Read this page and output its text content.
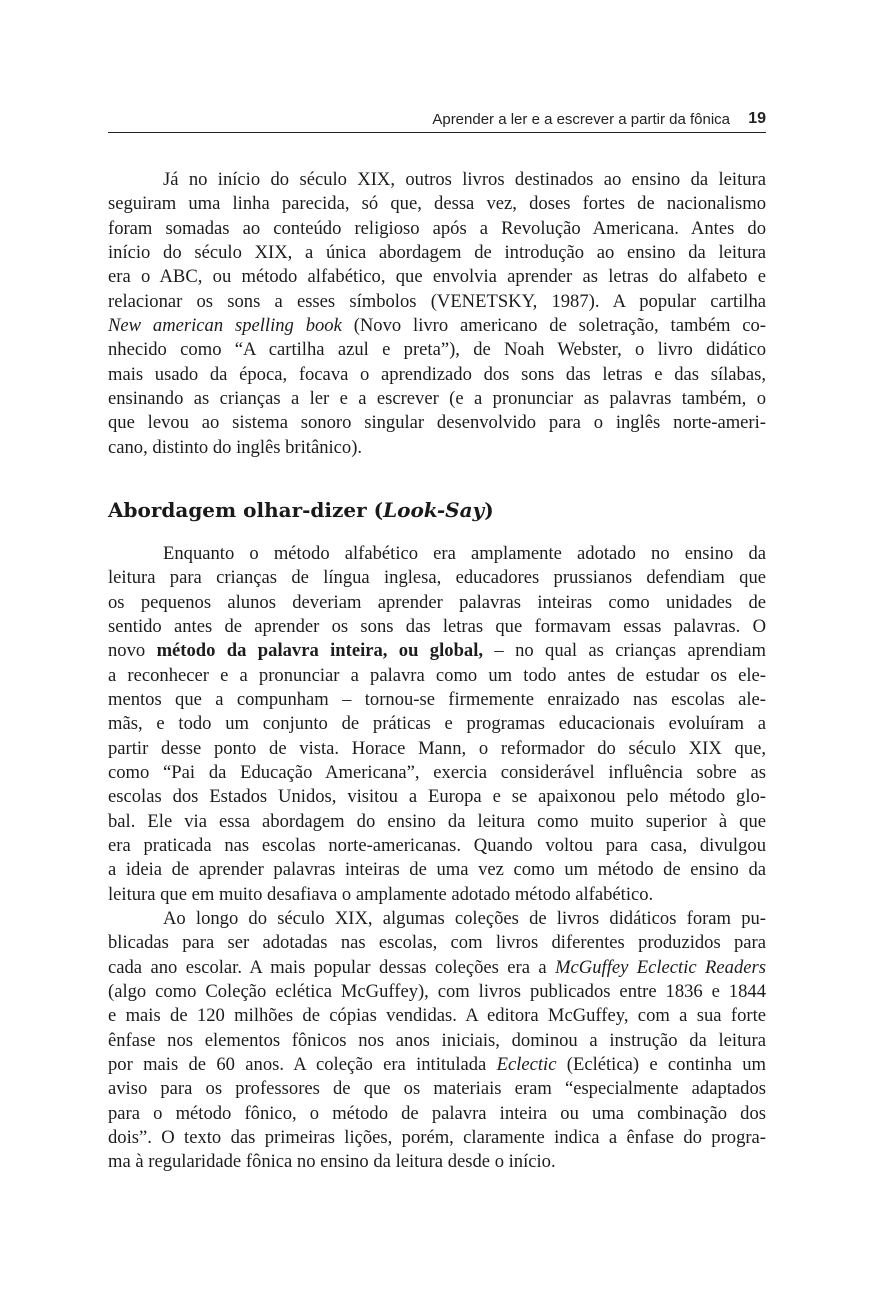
Aprender a ler e a escrever a partir da fônica 19
Já no início do século XIX, outros livros destinados ao ensino da leitura
seguiram uma linha parecida, só que, dessa vez, doses fortes de nacionalismo
foram somadas ao conteúdo religioso após a Revolução Americana. Antes do
início do século XIX, a única abordagem de introdução ao ensino da leitura
era o ABC, ou método alfabético, que envolvia aprender as letras do alfabeto e
relacionar os sons a esses símbolos (VENETSKY, 1987). A popular cartilha
New american spelling book (Novo livro americano de soletração, também co-
nhecido como “A cartilha azul e preta”), de Noah Webster, o livro didático
mais usado da época, focava o aprendizado dos sons das letras e das sílabas,
ensinando as crianças a ler e a escrever (e a pronunciar as palavras também, o
que levou ao sistema sonoro singular desenvolvido para o inglês norte-ameri-
cano, distinto do inglês britânico).
Abordagem olhar-dizer (Look-Say)
Enquanto o método alfabético era amplamente adotado no ensino da
leitura para crianças de língua inglesa, educadores prussianos defendiam que
os pequenos alunos deveriam aprender palavras inteiras como unidades de
sentido antes de aprender os sons das letras que formavam essas palavras. O
novo método da palavra inteira, ou global, – no qual as crianças aprendiam
a reconhecer e a pronunciar a palavra como um todo antes de estudar os ele-
mentos que a compunham – tornou-se firmemente enraizado nas escolas ale-
mãs, e todo um conjunto de práticas e programas educacionais evoluíram a
partir desse ponto de vista. Horace Mann, o reformador do século XIX que,
como “Pai da Educação Americana”, exercia considerável influência sobre as
escolas dos Estados Unidos, visitou a Europa e se apaixonou pelo método glo-
bal. Ele via essa abordagem do ensino da leitura como muito superior à que
era praticada nas escolas norte-americanas. Quando voltou para casa, divulgou
a ideia de aprender palavras inteiras de uma vez como um método de ensino da
leitura que em muito desafiava o amplamente adotado método alfabético.
Ao longo do século XIX, algumas coleções de livros didáticos foram pu-
blicadas para ser adotadas nas escolas, com livros diferentes produzidos para
cada ano escolar. A mais popular dessas coleções era a McGuffey Eclectic Readers
(algo como Coleção eclética McGuffey), com livros publicados entre 1836 e 1844
e mais de 120 milhões de cópias vendidas. A editora McGuffey, com a sua forte
ênfase nos elementos fônicos nos anos iniciais, dominou a instrução da leitura
por mais de 60 anos. A coleção era intitulada Eclectic (Eclética) e continha um
aviso para os professores de que os materiais eram “especialmente adaptados
para o método fônico, o método de palavra inteira ou uma combinação dos
dois”. O texto das primeiras lições, porém, claramente indica a ênfase do progra-
ma à regularidade fônica no ensino da leitura desde o início.
